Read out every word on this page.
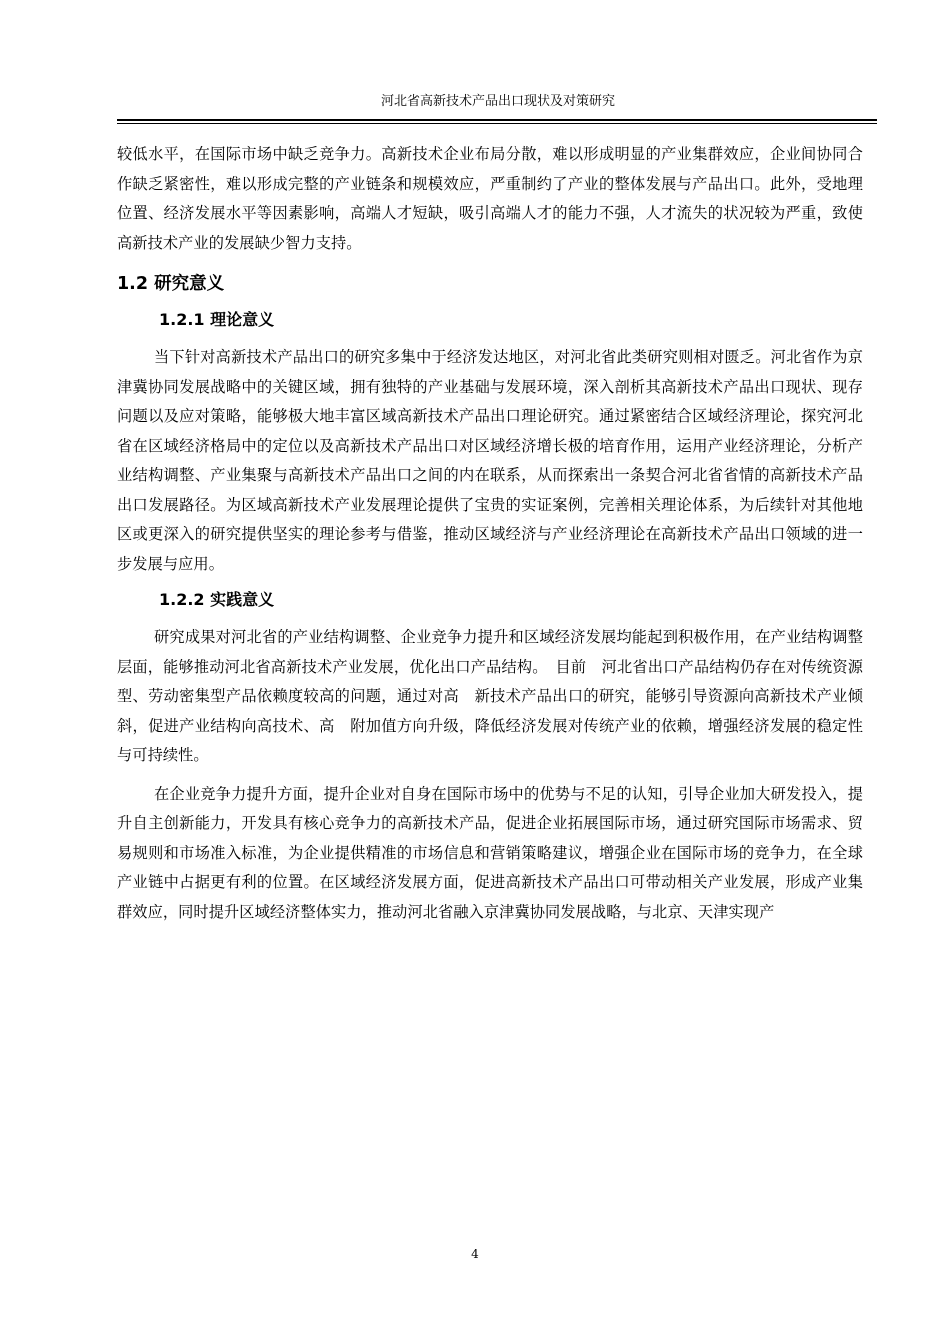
河北省高新技术产品出口现状及对策研究

较低水平，在国际市场中缺乏竞争力。高新技术企业布局分散，难以形成明显的产业集群效应，企业间协同合作缺乏紧密性，难以形成完整的产业链条和规模效应，严重制约了产业的整体发展与产品出口。此外，受地理位置、经济发展水平等因素影响，高端人才短缺，吸引高端人才的能力不强，人才流失的状况较为严重，致使高新技术产业的发展缺少智力支持。

1.2 研究意义
1.2.1 理论意义

当下针对高新技术产品出口的研究多集中于经济发达地区，对河北省此类研究则相对匮乏。河北省作为京津冀协同发展战略中的关键区域，拥有独特的产业基础与发展环境，深入剖析其高新技术产品出口现状、现存问题以及应对策略，能够极大地丰富区域高新技术产品出口理论研究。通过紧密结合区域经济理论，探究河北省在区域经济格局中的定位以及高新技术产品出口对区域经济增长极的培育作用，运用产业经济理论，分析产业结构调整、产业集聚与高新技术产品出口之间的内在联系，从而探索出一条契合河北省省情的高新技术产品出口发展路径。为区域高新技术产业发展理论提供了宝贵的实证案例，完善相关理论体系，为后续针对其他地区或更深入的研究提供坚实的理论参考与借鉴，推动区域经济与产业经济理论在高新技术产品出口领域的进一步发展与应用。

1.2.2 实践意义

研究成果对河北省的产业结构调整、企业竞争力提升和区域经济发展均能起到积极作用，在产业结构调整层面，能够推动河北省高新技术产业发展，优化出口产品结构。　目前　河北省出口产品结构仍存在对传统资源型、劳动密集型产品依赖度较高的问题，通过对高　新技术产品出口的研究，能够引导资源向高新技术产业倾斜，促进产业结构向高技术、高　附加值方向升级，降低经济发展对传统产业的依赖，增强经济发展的稳定性与可持续性。

在企业竞争力提升方面，提升企业对自身在国际市场中的优势与不足的认知，引导企业加大研发投入，提升自主创新能力，开发具有核心竞争力的高新技术产品，促进企业拓展国际市场，通过研究国际市场需求、贸易规则和市场准入标准，为企业提供精准的市场信息和营销策略建议，增强企业在国际市场的竞争力，在全球产业链中占据更有利的位置。在区域经济发展方面，促进高新技术产品出口可带动相关产业发展，形成产业集群效应，同时提升区域经济整体实力，推动河北省融入京津冀协同发展战略，与北京、天津实现产

4
